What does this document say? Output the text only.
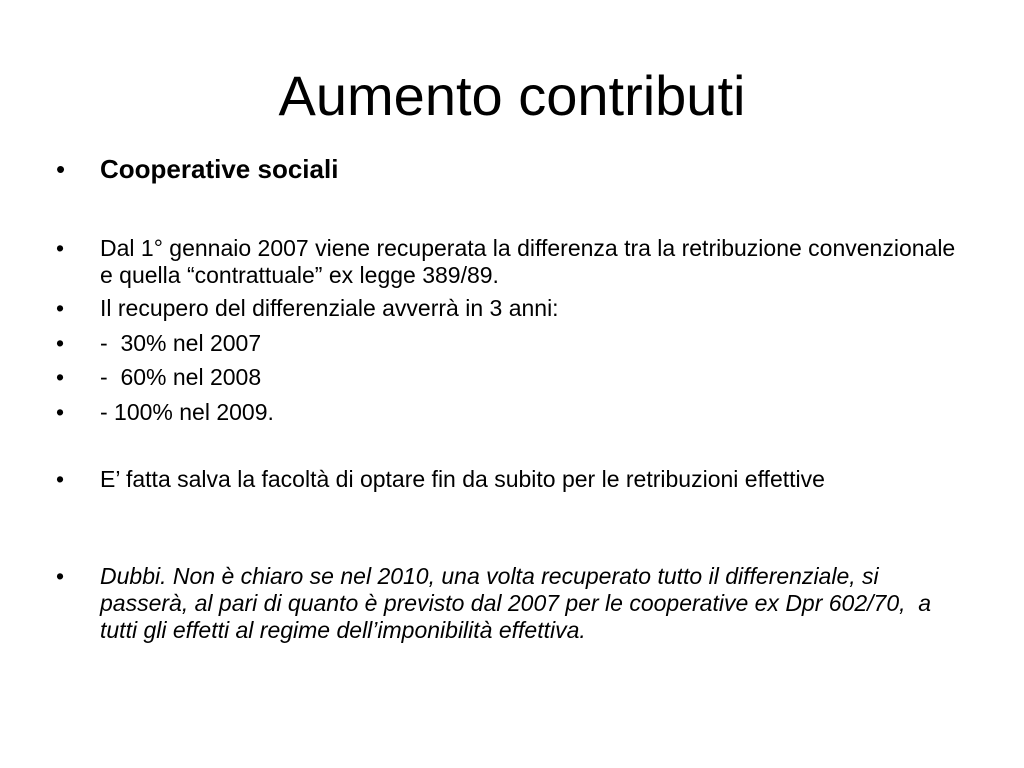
Aumento contributi
•	Cooperative sociali
•	Dal 1° gennaio 2007 viene recuperata la differenza tra la retribuzione convenzionale e quella “contrattuale” ex legge 389/89.
•	Il recupero del differenziale avverrà in 3 anni:
•	-  30% nel 2007
•	-  60% nel 2008
•	- 100% nel 2009.
•	E’ fatta salva la facoltà di optare fin da subito per le retribuzioni effettive
•	Dubbi. Non è chiaro se nel 2010, una volta recuperato tutto il differenziale, si passerà, al pari di quanto è previsto dal 2007 per le cooperative ex Dpr 602/70,  a tutti gli effetti al regime dell’imponibilità effettiva.
